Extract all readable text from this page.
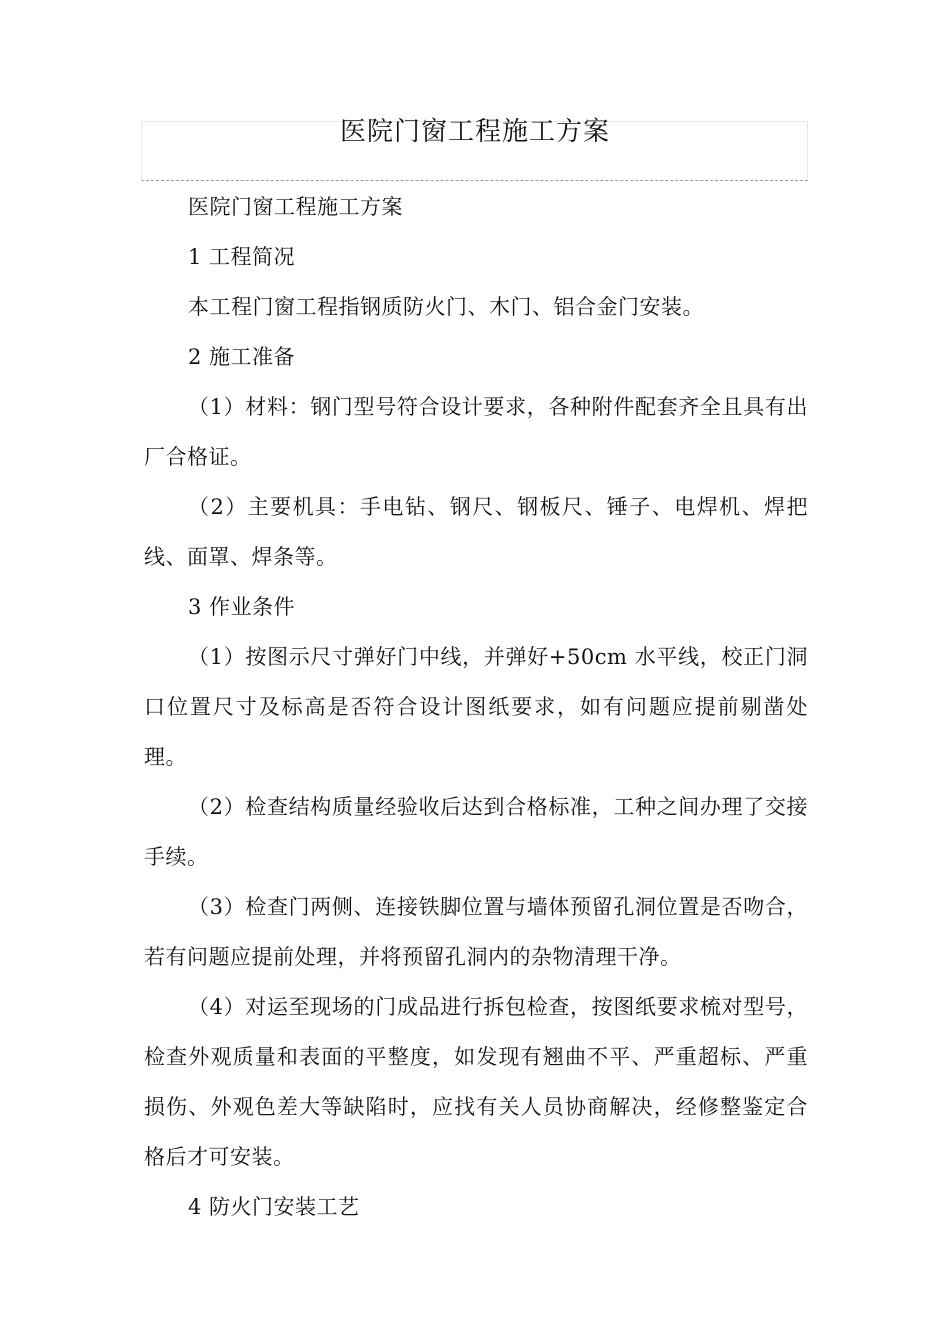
医院门窗工程施工方案

医院门窗工程施工方案

1 工程简况

本工程门窗工程指钢质防火门、木门、铝合金门安装。

2 施工准备

（1）材料：钢门型号符合设计要求，各种附件配套齐全且具有出厂合格证。

（2）主要机具：手电钻、钢尺、钢板尺、锤子、电焊机、焊把线、面罩、焊条等。

3 作业条件

（1）按图示尺寸弹好门中线，并弹好+50cm 水平线，校正门洞口位置尺寸及标高是否符合设计图纸要求，如有问题应提前剔凿处理。

（2）检查结构质量经验收后达到合格标准，工种之间办理了交接手续。

（3）检查门两侧、连接铁脚位置与墙体预留孔洞位置是否吻合，若有问题应提前处理，并将预留孔洞内的杂物清理干净。

（4）对运至现场的门成品进行拆包检查，按图纸要求梳对型号，检查外观质量和表面的平整度，如发现有翘曲不平、严重超标、严重损伤、外观色差大等缺陷时，应找有关人员协商解决，经修整鉴定合格后才可安装。

4 防火门安装工艺
